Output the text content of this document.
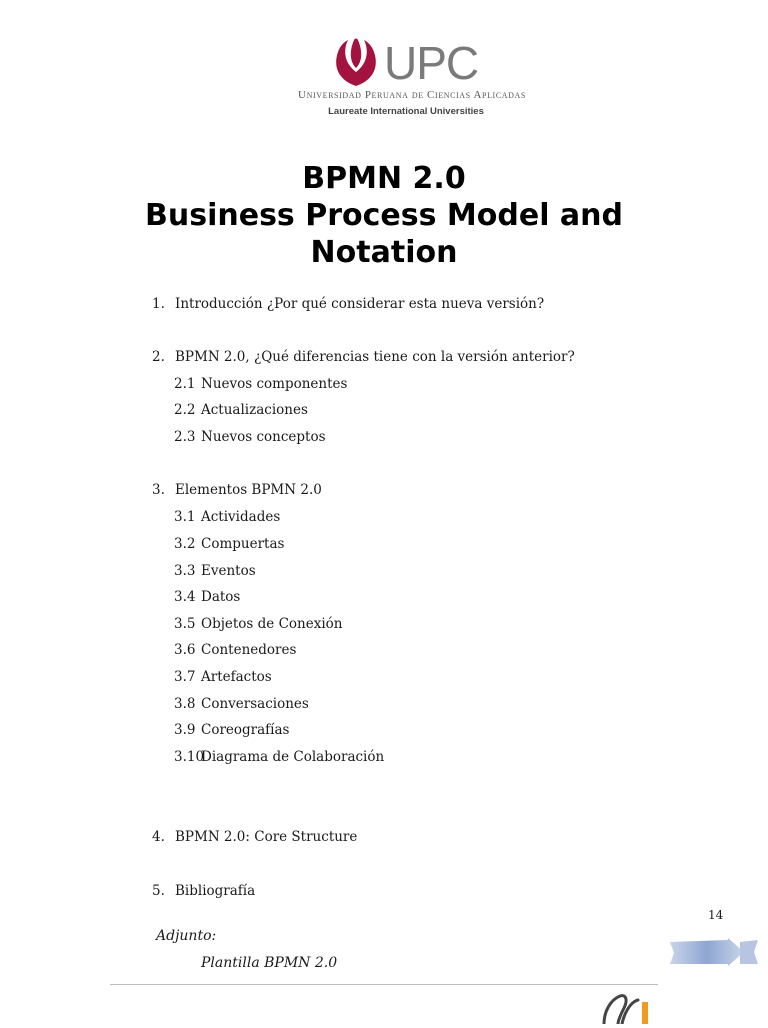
UPC
Universidad Peruana de Ciencias Aplicadas
Laureate International Universities
BPMN 2.0
Business Process Model and
Notation
1. Introducción ¿Por qué considerar esta nueva versión?
2. BPMN 2.0, ¿Qué diferencias tiene con la versión anterior?
2.1 Nuevos componentes
2.2 Actualizaciones
2.3 Nuevos conceptos
3. Elementos BPMN 2.0
3.1 Actividades
3.2 Compuertas
3.3 Eventos
3.4 Datos
3.5 Objetos de Conexión
3.6 Contenedores
3.7 Artefactos
3.8 Conversaciones
3.9 Coreografías
3.10
Diagrama de Colaboración
4. BPMN 2.0: Core Structure
5. Bibliografía
14
Adjunto:
Plantilla BPMN 2.0
